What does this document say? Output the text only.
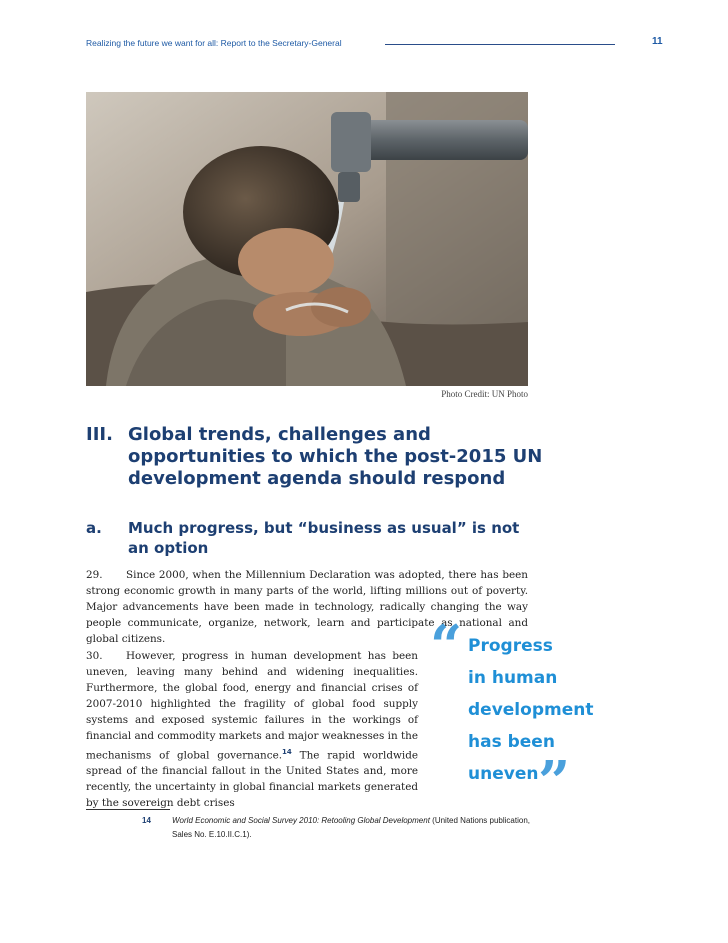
Realizing the future we want for all: Report to the Secretary-General	11
Photo Credit: UN Photo
III. Global trends, challenges and opportunities to which the post-2015 UN development agenda should respond
a. Much progress, but “business as usual” is not an option
29. Since 2000, when the Millennium Declaration was adopted, there has been strong economic growth in many parts of the world, lifting millions out of poverty. Major advancements have been made in technology, radically changing the way people communicate, organize, network, learn and participate as national and global citizens.
30. However, progress in human development has been uneven, leaving many behind and widening inequalities. Furthermore, the global food, energy and financial crises of 2007-2010 highlighted the fragility of global food supply systems and exposed systemic failures in the workings of financial and commodity markets and major weaknesses in the mechanisms of global governance.$^{14}$ The rapid worldwide spread of the financial fallout in the United States and, more recently, the uncertainty in global financial markets generated by the sovereign debt crises
“ Progress
in human
development
has been
uneven ”
14	World Economic and Social Survey 2010: Retooling Global Development (United Nations publication, Sales No. E.10.II.C.1).
